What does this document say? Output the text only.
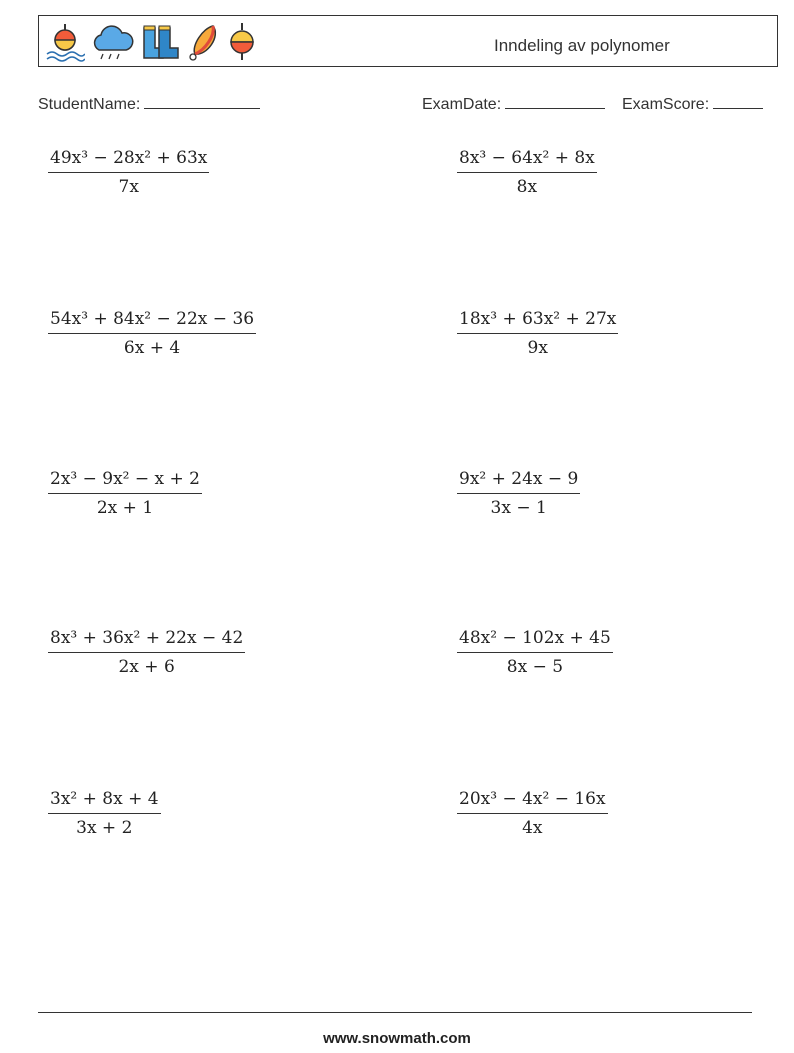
Inndeling av polynomer
StudentName:	ExamDate:	ExamScore:
$\frac{\text{49x³ − 28x² + 63x}}{7x}$	$\frac{\text{8x³ − 64x² + 8x}}{8x}$
$\frac{\text{54x³ + 84x² − 22x − 36}}{6x + 4}$	$\frac{\text{18x³ + 63x² + 27x}}{9x}$
$\frac{\text{2x³ − 9x² − x + 2}}{2x + 1}$	$\frac{\text{9x² + 24x − 9}}{3x - 1}$
$\frac{\text{8x³ + 36x² + 22x − 42}}{2x + 6}$	$\frac{\text{48x² − 102x + 45}}{8x - 5}$
$\frac{\text{3x² + 8x + 4}}{3x + 2}$	$\frac{\text{20x³ − 4x² − 16x}}{4x}$
www.snowmath.com
